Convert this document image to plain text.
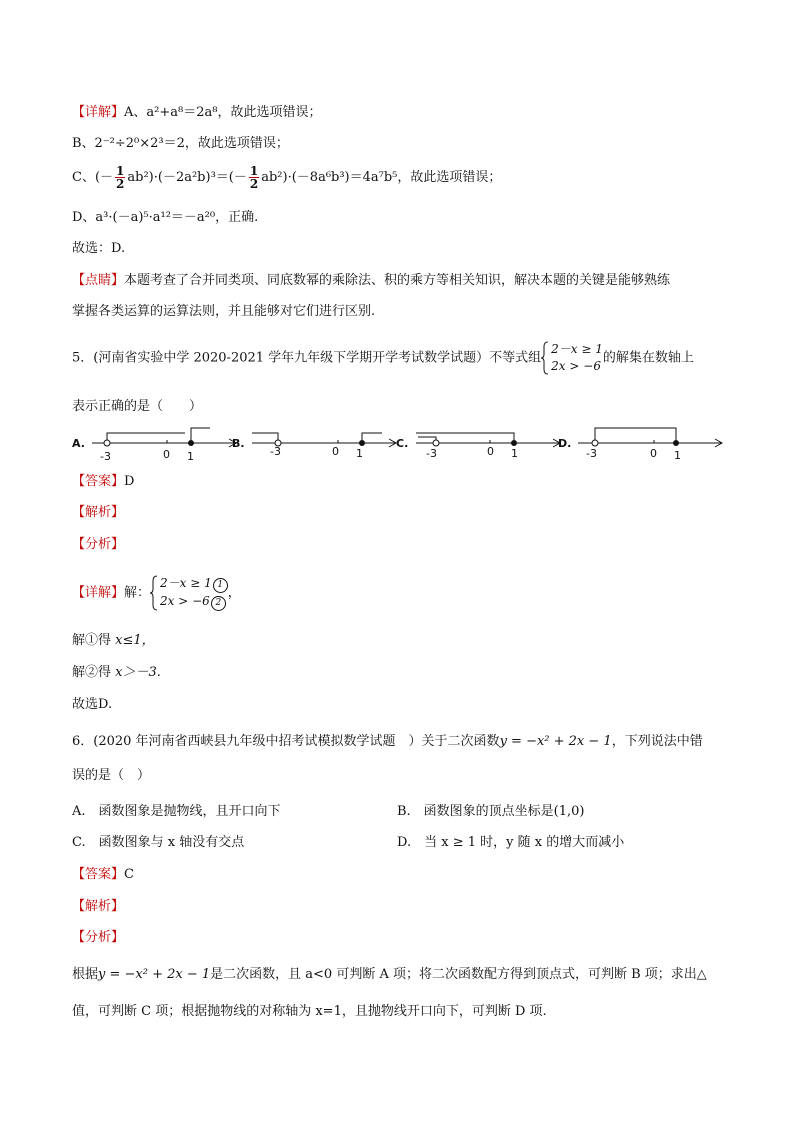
【详解】A、a²+a⁸＝2a⁸，故此选项错误；
B、2⁻²÷2⁰×2³＝2，故此选项错误；
C、(－ $\frac{1}{2} ab^2)\cdot(-2a^2b)^3=(- \frac{1}{2} ab^2)\cdot(-8a^6b^3)=4a^7b^5$，故此选项错误；
D、a³·(－a)⁵·a¹²＝－a²⁰，正确.
故选：D.
【点睛】本题考查了合并同类项、同底数幂的乘除法、积的乘方等相关知识，解决本题的关键是能够熟练
掌握各类运算的运算法则，并且能够对它们进行区别.
5．(河南省实验中学 2020-2021 学年九年级下学期开学考试数学试题）不等式组
2－x ≥ 1
2x > −6
的解集在数轴上
表示正确的是（　　）
A.
-3	0 1
B.
-3	0 1
C.
-3	0 1
D.
-3	0 1
【答案】D
【解析】
【分析】
【详解】解：
2－x ≥ 1 1
2x > −6 2
，
解①得 x≤1，
解②得 x＞－3.
故选D.
6．(2020 年河南省西峡县九年级中招考试模拟数学试题　）关于二次函数y = −x² + 2x − 1，下列说法中错
误的是（　）
A.　函数图象是抛物线，且开口向下	B.　函数图象的顶点坐标是(1,0)
C.　函数图象与 x 轴没有交点	D.　当 x ≥ 1 时，y 随 x 的增大而减小
【答案】C
【解析】
【分析】
根据y = −x² + 2x − 1是二次函数，且 a<0 可判断 A 项；将二次函数配方得到顶点式，可判断 B 项；求出△
值，可判断 C 项；根据抛物线的对称轴为 x=1，且抛物线开口向下，可判断 D 项.
